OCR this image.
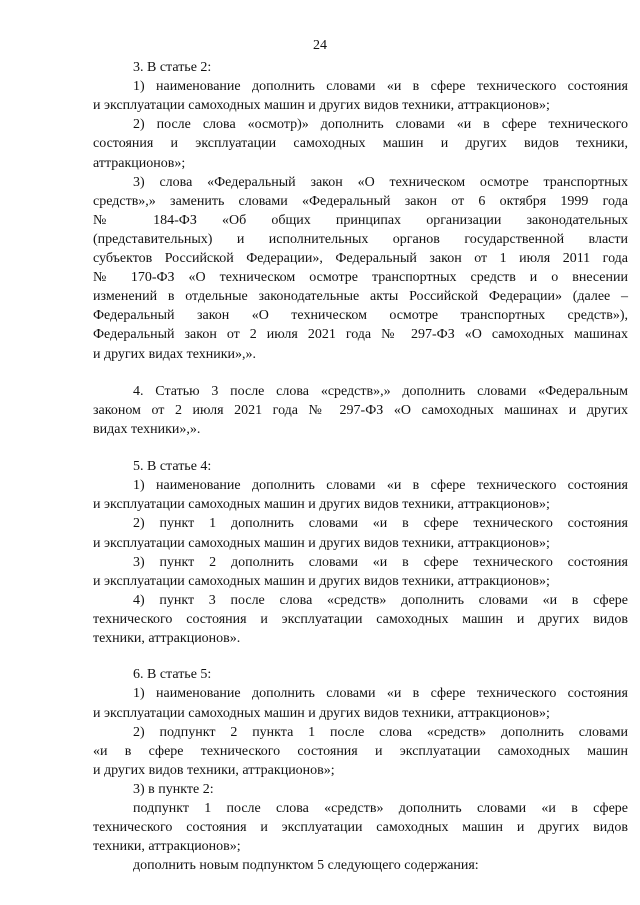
24
3. В статье 2:
1) наименование дополнить словами «и в сфере технического состояния
и эксплуатации самоходных машин и других видов техники, аттракционов»;
2) после слова «осмотр)» дополнить словами «и в сфере технического
состояния и эксплуатации самоходных машин и других видов техники,
аттракционов»;
3) слова «Федеральный закон «О техническом осмотре транспортных
средств»,» заменить словами «Федеральный закон от 6 октября 1999 года
№ 184-ФЗ «Об общих принципах организации законодательных
(представительных) и исполнительных органов государственной власти
субъектов Российской Федерации», Федеральный закон от 1 июля 2011 года
№ 170-ФЗ «О техническом осмотре транспортных средств и о внесении
изменений в отдельные законодательные акты Российской Федерации» (далее –
Федеральный закон «О техническом осмотре транспортных средств»),
Федеральный закон от 2 июля 2021 года № 297-ФЗ «О самоходных машинах
и других видах техники»,».
4. Статью 3 после слова «средств»,» дополнить словами «Федеральным
законом от 2 июля 2021 года № 297-ФЗ «О самоходных машинах и других
видах техники»,».
5. В статье 4:
1) наименование дополнить словами «и в сфере технического состояния
и эксплуатации самоходных машин и других видов техники, аттракционов»;
2) пункт 1 дополнить словами «и в сфере технического состояния
и эксплуатации самоходных машин и других видов техники, аттракционов»;
3) пункт 2 дополнить словами «и в сфере технического состояния
и эксплуатации самоходных машин и других видов техники, аттракционов»;
4) пункт 3 после слова «средств» дополнить словами «и в сфере
технического состояния и эксплуатации самоходных машин и других видов
техники, аттракционов».
6. В статье 5:
1) наименование дополнить словами «и в сфере технического состояния
и эксплуатации самоходных машин и других видов техники, аттракционов»;
2) подпункт 2 пункта 1 после слова «средств» дополнить словами
«и в сфере технического состояния и эксплуатации самоходных машин
и других видов техники, аттракционов»;
3) в пункте 2:
подпункт 1 после слова «средств» дополнить словами «и в сфере
технического состояния и эксплуатации самоходных машин и других видов
техники, аттракционов»;
дополнить новым подпунктом 5 следующего содержания:
